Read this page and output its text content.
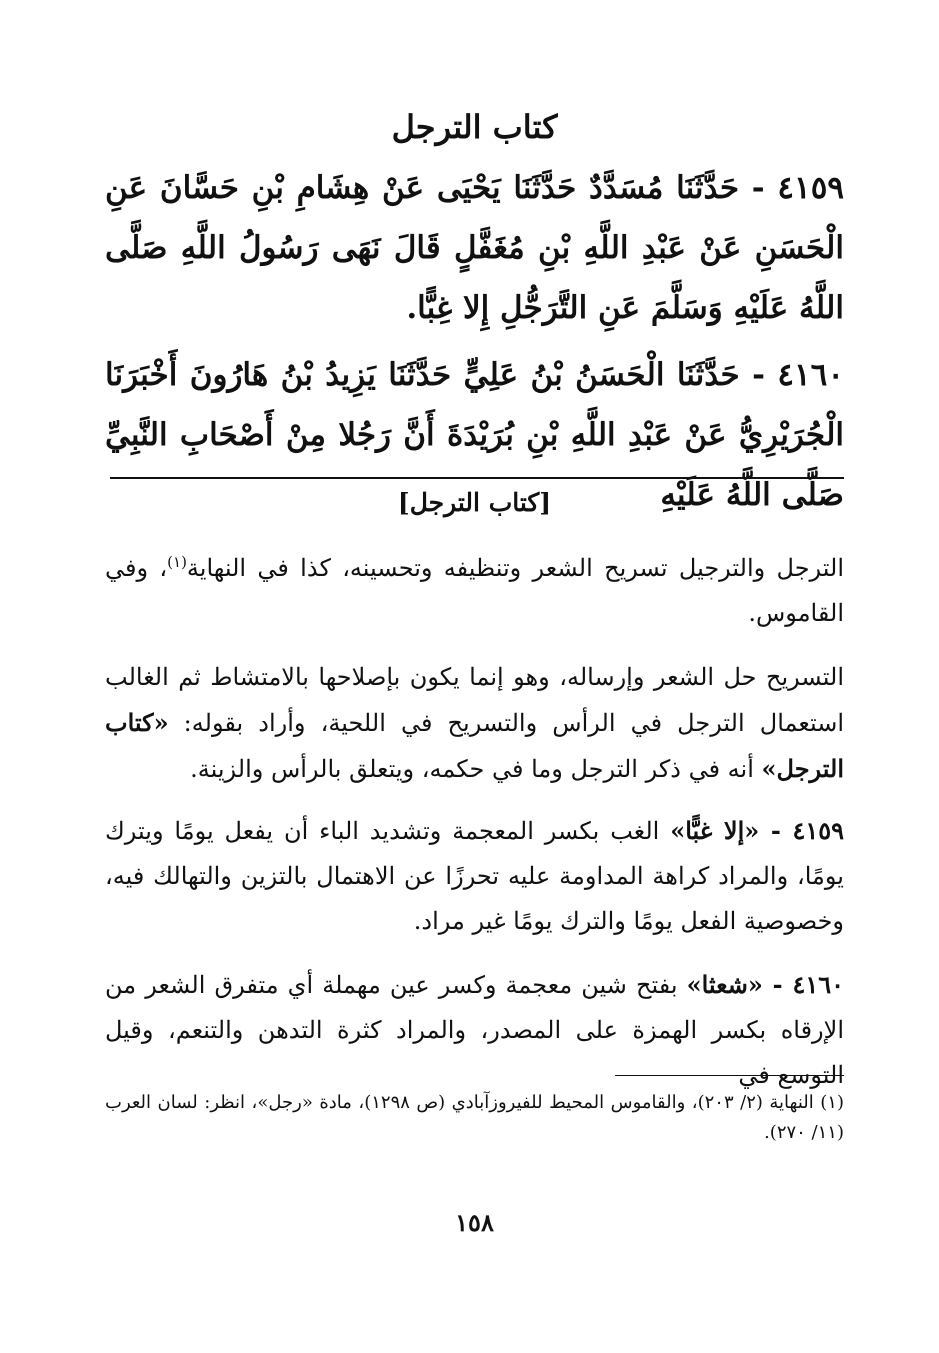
كتاب الترجل
٤١٥٩ - حَدَّثَنَا مُسَدَّدٌ حَدَّثَنَا يَحْيَى عَنْ هِشَامِ بْنِ حَسَّانَ عَنِ الْحَسَنِ عَنْ عَبْدِ اللَّهِ بْنِ مُغَفَّلٍ قَالَ نَهَى رَسُولُ اللَّهِ صَلَّى اللَّهُ عَلَيْهِ وَسَلَّمَ عَنِ التَّرَجُّلِ إِلا غِبًّا.
٤١٦٠ - حَدَّثَنَا الْحَسَنُ بْنُ عَلِيٍّ حَدَّثَنَا يَزِيدُ بْنُ هَارُونَ أَخْبَرَنَا الْجُرَيْرِيُّ عَنْ عَبْدِ اللَّهِ بْنِ بُرَيْدَةَ أَنَّ رَجُلا مِنْ أَصْحَابِ النَّبِيِّ صَلَّى اللَّهُ عَلَيْهِ
[كتاب الترجل]
الترجل والترجيل تسريح الشعر وتنظيفه وتحسينه، كذا في النهاية$^{(١)}$، وفي القاموس.
التسريح حل الشعر وإرساله، وهو إنما يكون بإصلاحها بالامتشاط ثم الغالب استعمال الترجل في الرأس والتسريح في اللحية، وأراد بقوله: «كتاب الترجل» أنه في ذكر الترجل وما في حكمه، ويتعلق بالرأس والزينة.
٤١٥٩ - «إلا غبًّا» الغب بكسر المعجمة وتشديد الباء أن يفعل يومًا ويترك يومًا، والمراد كراهة المداومة عليه تحرزًا عن الاهتمال بالتزين والتهالك فيه، وخصوصية الفعل يومًا والترك يومًا غير مراد.
٤١٦٠ - «شعثا» بفتح شين معجمة وكسر عين مهملة أي متفرق الشعر من الإرقاه بكسر الهمزة على المصدر، والمراد كثرة التدهن والتنعم، وقيل التوسع في
(١) النهاية (٢/ ٢٠٣)، والقاموس المحيط للفيروزآبادي (ص ١٢٩٨)، مادة «رجل»، انظر: لسان العرب (١١/ ٢٧٠).
١٥٨
